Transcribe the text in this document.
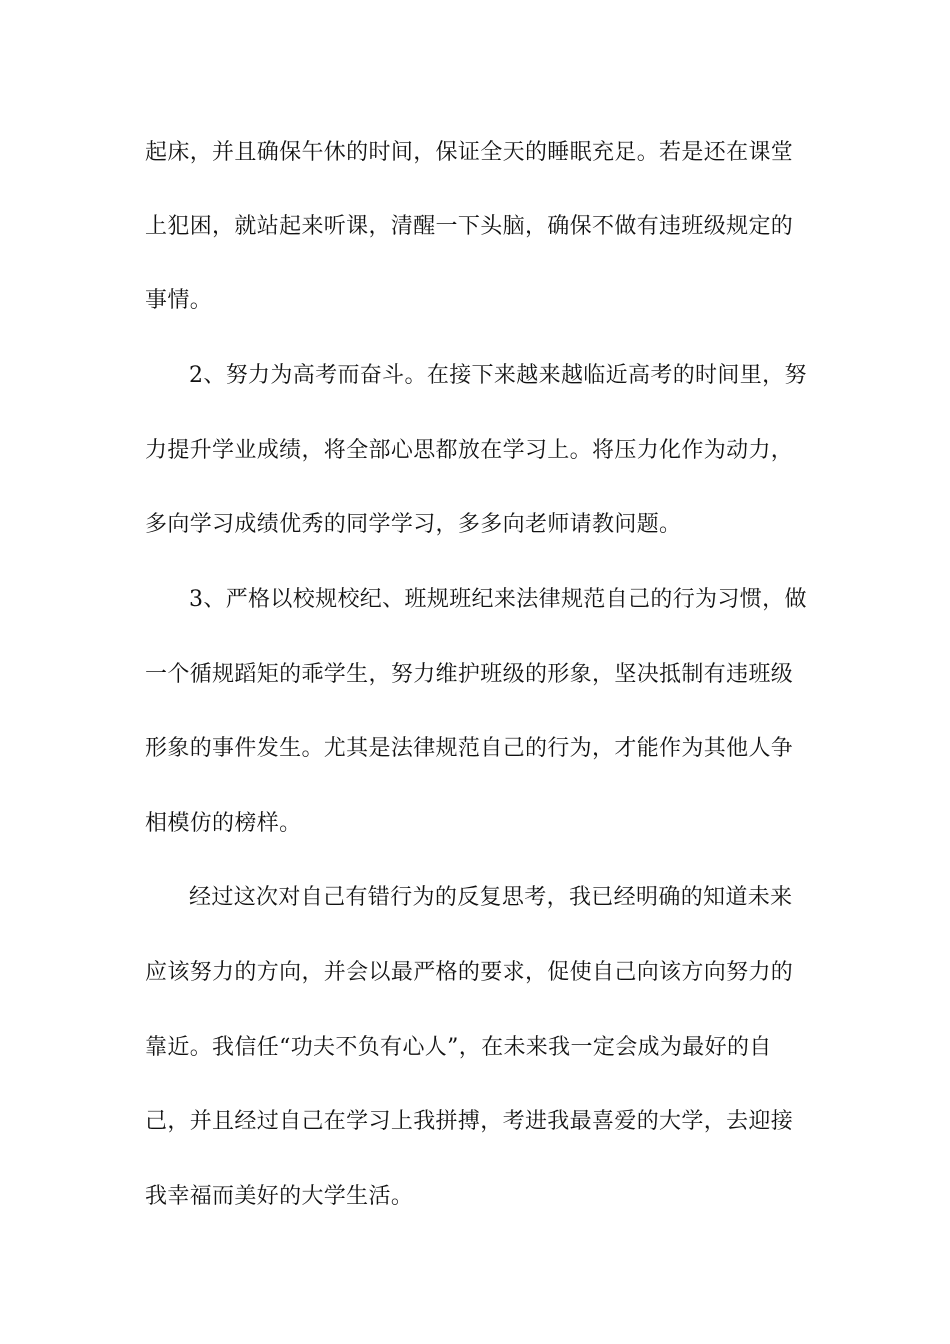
起床，并且确保午休的时间，保证全天的睡眠充足。若是还在课堂
上犯困，就站起来听课，清醒一下头脑，确保不做有违班级规定的
事情。
2、努力为高考而奋斗。在接下来越来越临近高考的时间里，努
力提升学业成绩，将全部心思都放在学习上。将压力化作为动力，
多向学习成绩优秀的同学学习，多多向老师请教问题。
3、严格以校规校纪、班规班纪来法律规范自己的行为习惯，做
一个循规蹈矩的乖学生，努力维护班级的形象，坚决抵制有违班级
形象的事件发生。尤其是法律规范自己的行为，才能作为其他人争
相模仿的榜样。
经过这次对自己有错行为的反复思考，我已经明确的知道未来
应该努力的方向，并会以最严格的要求，促使自己向该方向努力的
靠近。我信任“功夫不负有心人”，在未来我一定会成为最好的自
己，并且经过自己在学习上我拼搏，考进我最喜爱的大学，去迎接
我幸福而美好的大学生活。
